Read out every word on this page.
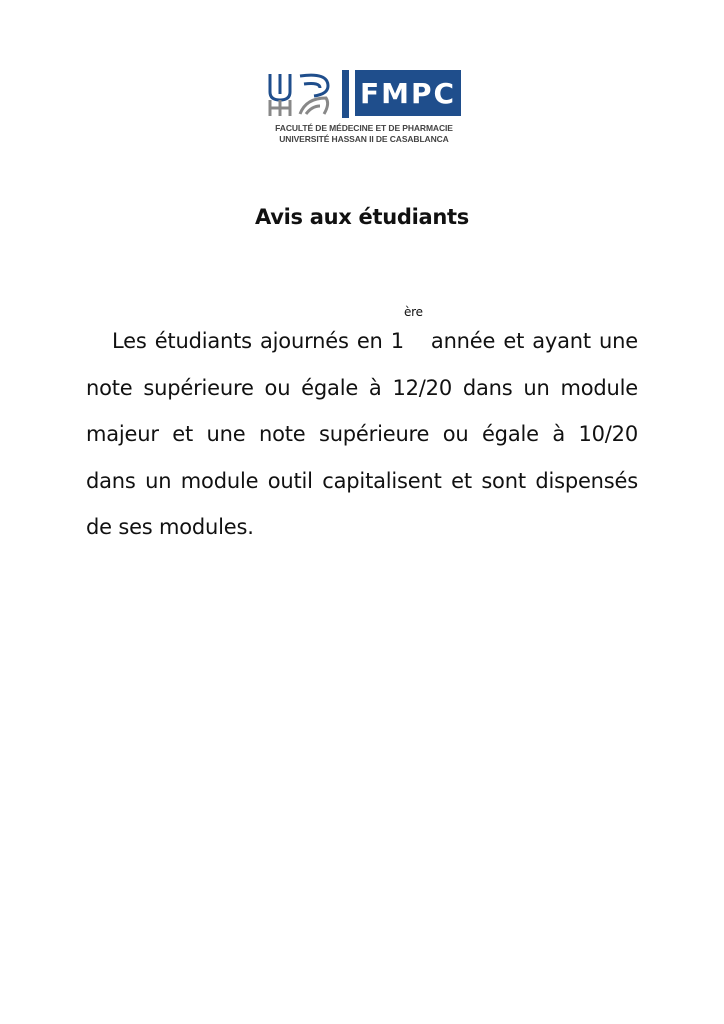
FMPC
FACULTÉ DE MÉDECINE ET DE PHARMACIE
UNIVERSITÉ HASSAN II DE CASABLANCA
Avis aux étudiants
Les étudiants ajournés en 1ère année et ayant une note supérieure ou égale à 12/20 dans un module majeur et une note supérieure ou égale à 10/20 dans un module outil capitalisent et sont dispensés de ses modules.
